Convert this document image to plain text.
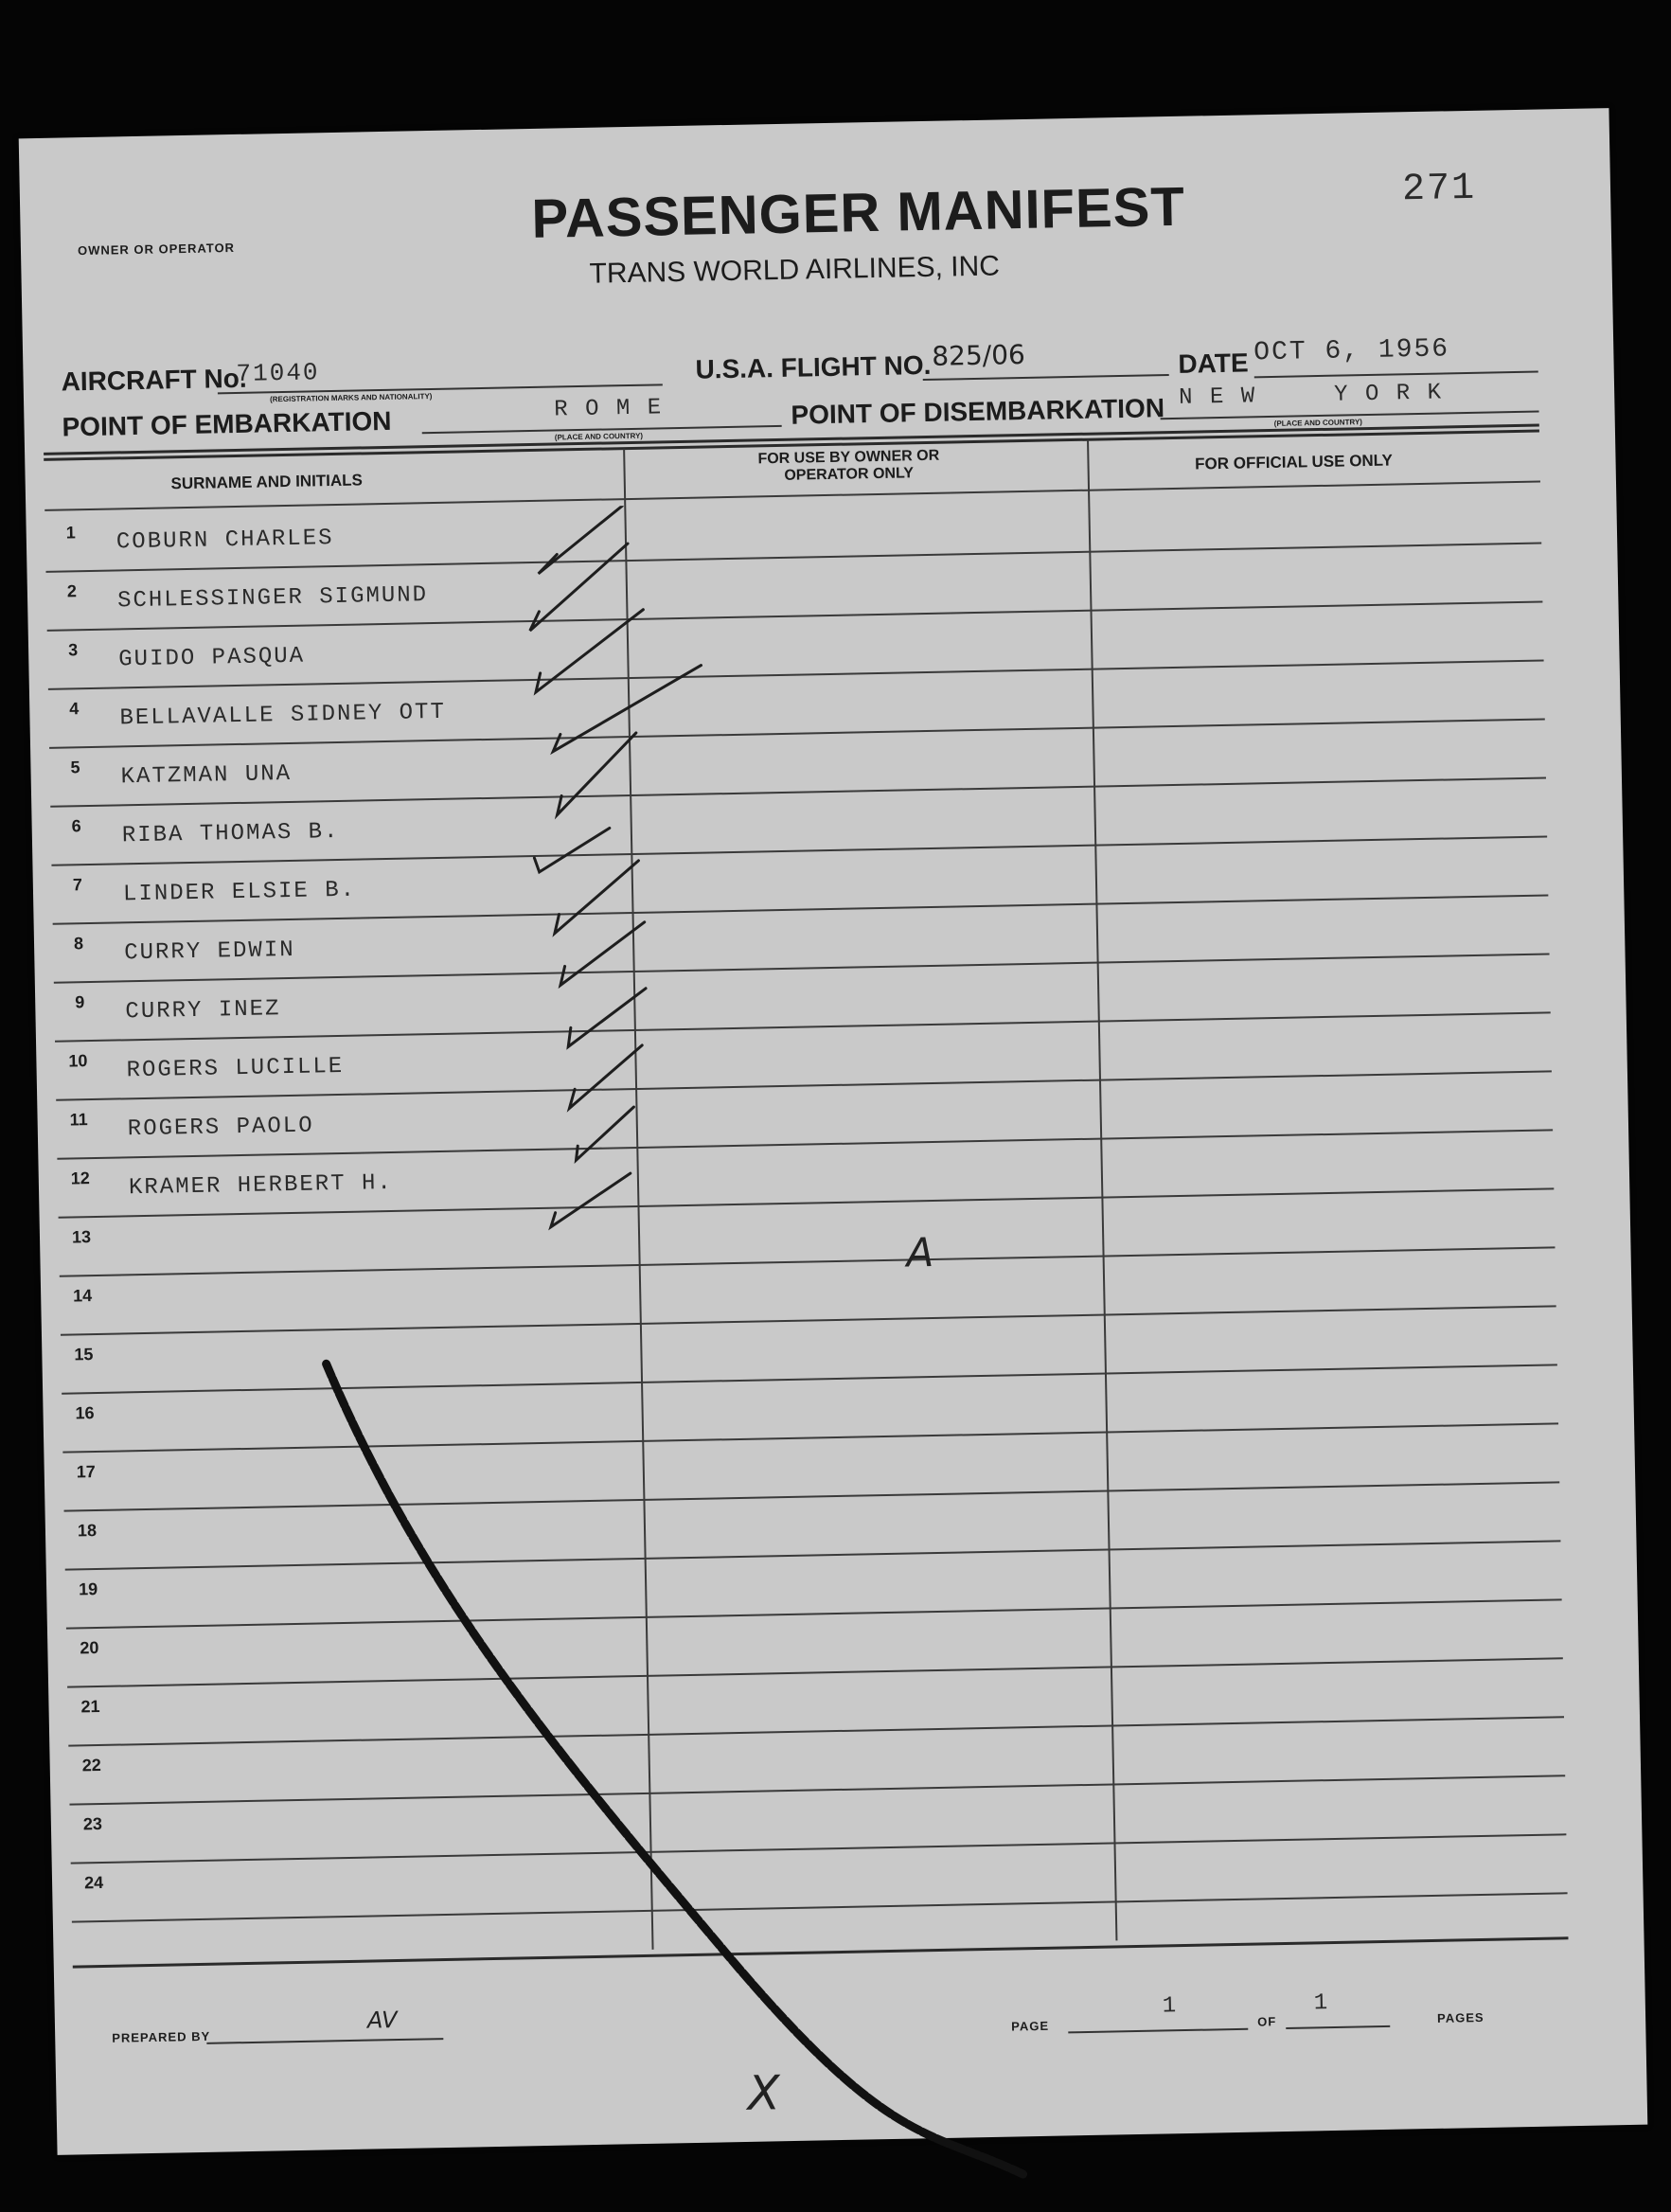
OWNER OR OPERATOR	PASSENGER MANIFEST
TRANS WORLD AIRLINES, INC
271
AIRCRAFT No.
71040
(REGISTRATION MARKS AND NATIONALITY)
U.S.A. FLIGHT NO. 825/06	DATE OCT 6, 1956
POINT OF EMBARKATION	R O M E
(PLACE AND COUNTRY)
POINT OF DISEMBARKATION N E W     Y O R K
(PLACE AND COUNTRY)
SURNAME AND INITIALS
FOR USE BY OWNER OR OPERATOR ONLY
FOR OFFICIAL USE ONLY
1 COBURN CHARLES
2 SCHLESSINGER SIGMUND
3 GUIDO PASQUA
4 BELLAVALLE SIDNEY OTT
5 KATZMAN UNA
6 RIBA THOMAS B.
7 LINDER ELSIE B.
8 CURRY EDWIN
9 CURRY INEZ
10 ROGERS LUCILLE
11 ROGERS PAOLO
12 KRAMER HERBERT H.
13
14
15
16
17
18
19
20
21
22
23
24
A
PREPARED BY
AV	PAGE
1
OF
1
PAGES
X
